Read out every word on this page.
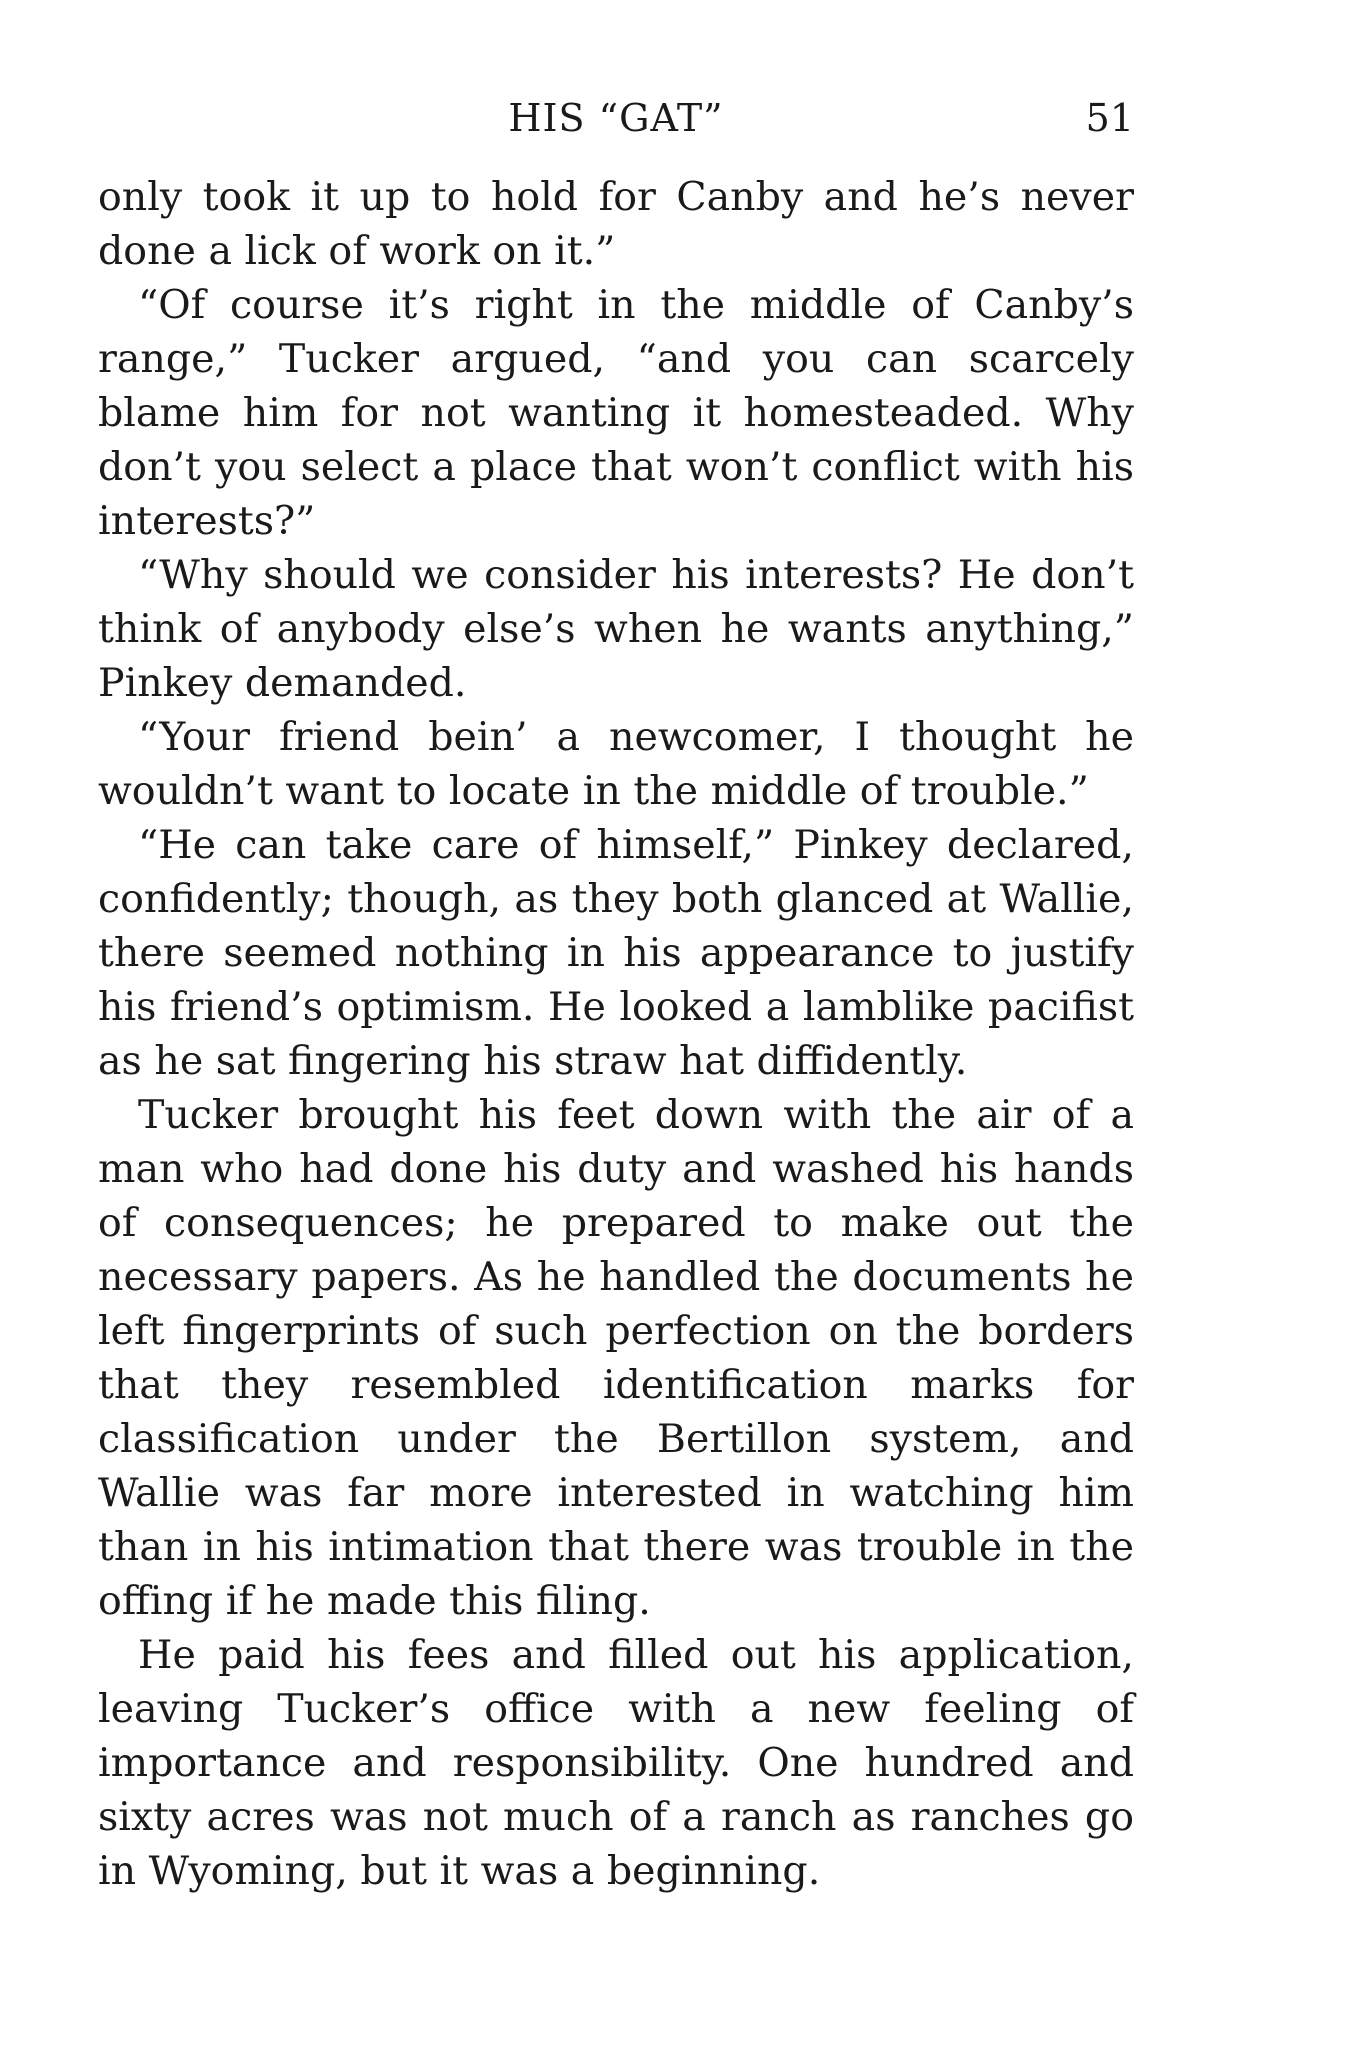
HIS “GAT”	51

only took it up to hold for Canby and he’s never done a lick of work on it.”

“Of course it’s right in the middle of Canby’s range,” Tucker argued, “and you can scarcely blame him for not wanting it homesteaded. Why don’t you select a place that won’t conflict with his interests?”

“Why should we consider his interests? He don’t think of anybody else’s when he wants anything,” Pinkey demanded.

“Your friend bein’ a newcomer, I thought he wouldn’t want to locate in the middle of trouble.”

“He can take care of himself,” Pinkey declared, confidently; though, as they both glanced at Wallie, there seemed nothing in his appearance to justify his friend’s optimism. He looked a lamblike pacifist as he sat fingering his straw hat diffidently.

Tucker brought his feet down with the air of a man who had done his duty and washed his hands of consequences; he prepared to make out the necessary papers. As he handled the documents he left fingerprints of such perfection on the borders that they resembled identification marks for classification under the Bertillon system, and Wallie was far more interested in watching him than in his intimation that there was trouble in the offing if he made this filing.

He paid his fees and filled out his application, leaving Tucker’s office with a new feeling of importance and responsibility. One hundred and sixty acres was not much of a ranch as ranches go in Wyoming, but it was a beginning.
